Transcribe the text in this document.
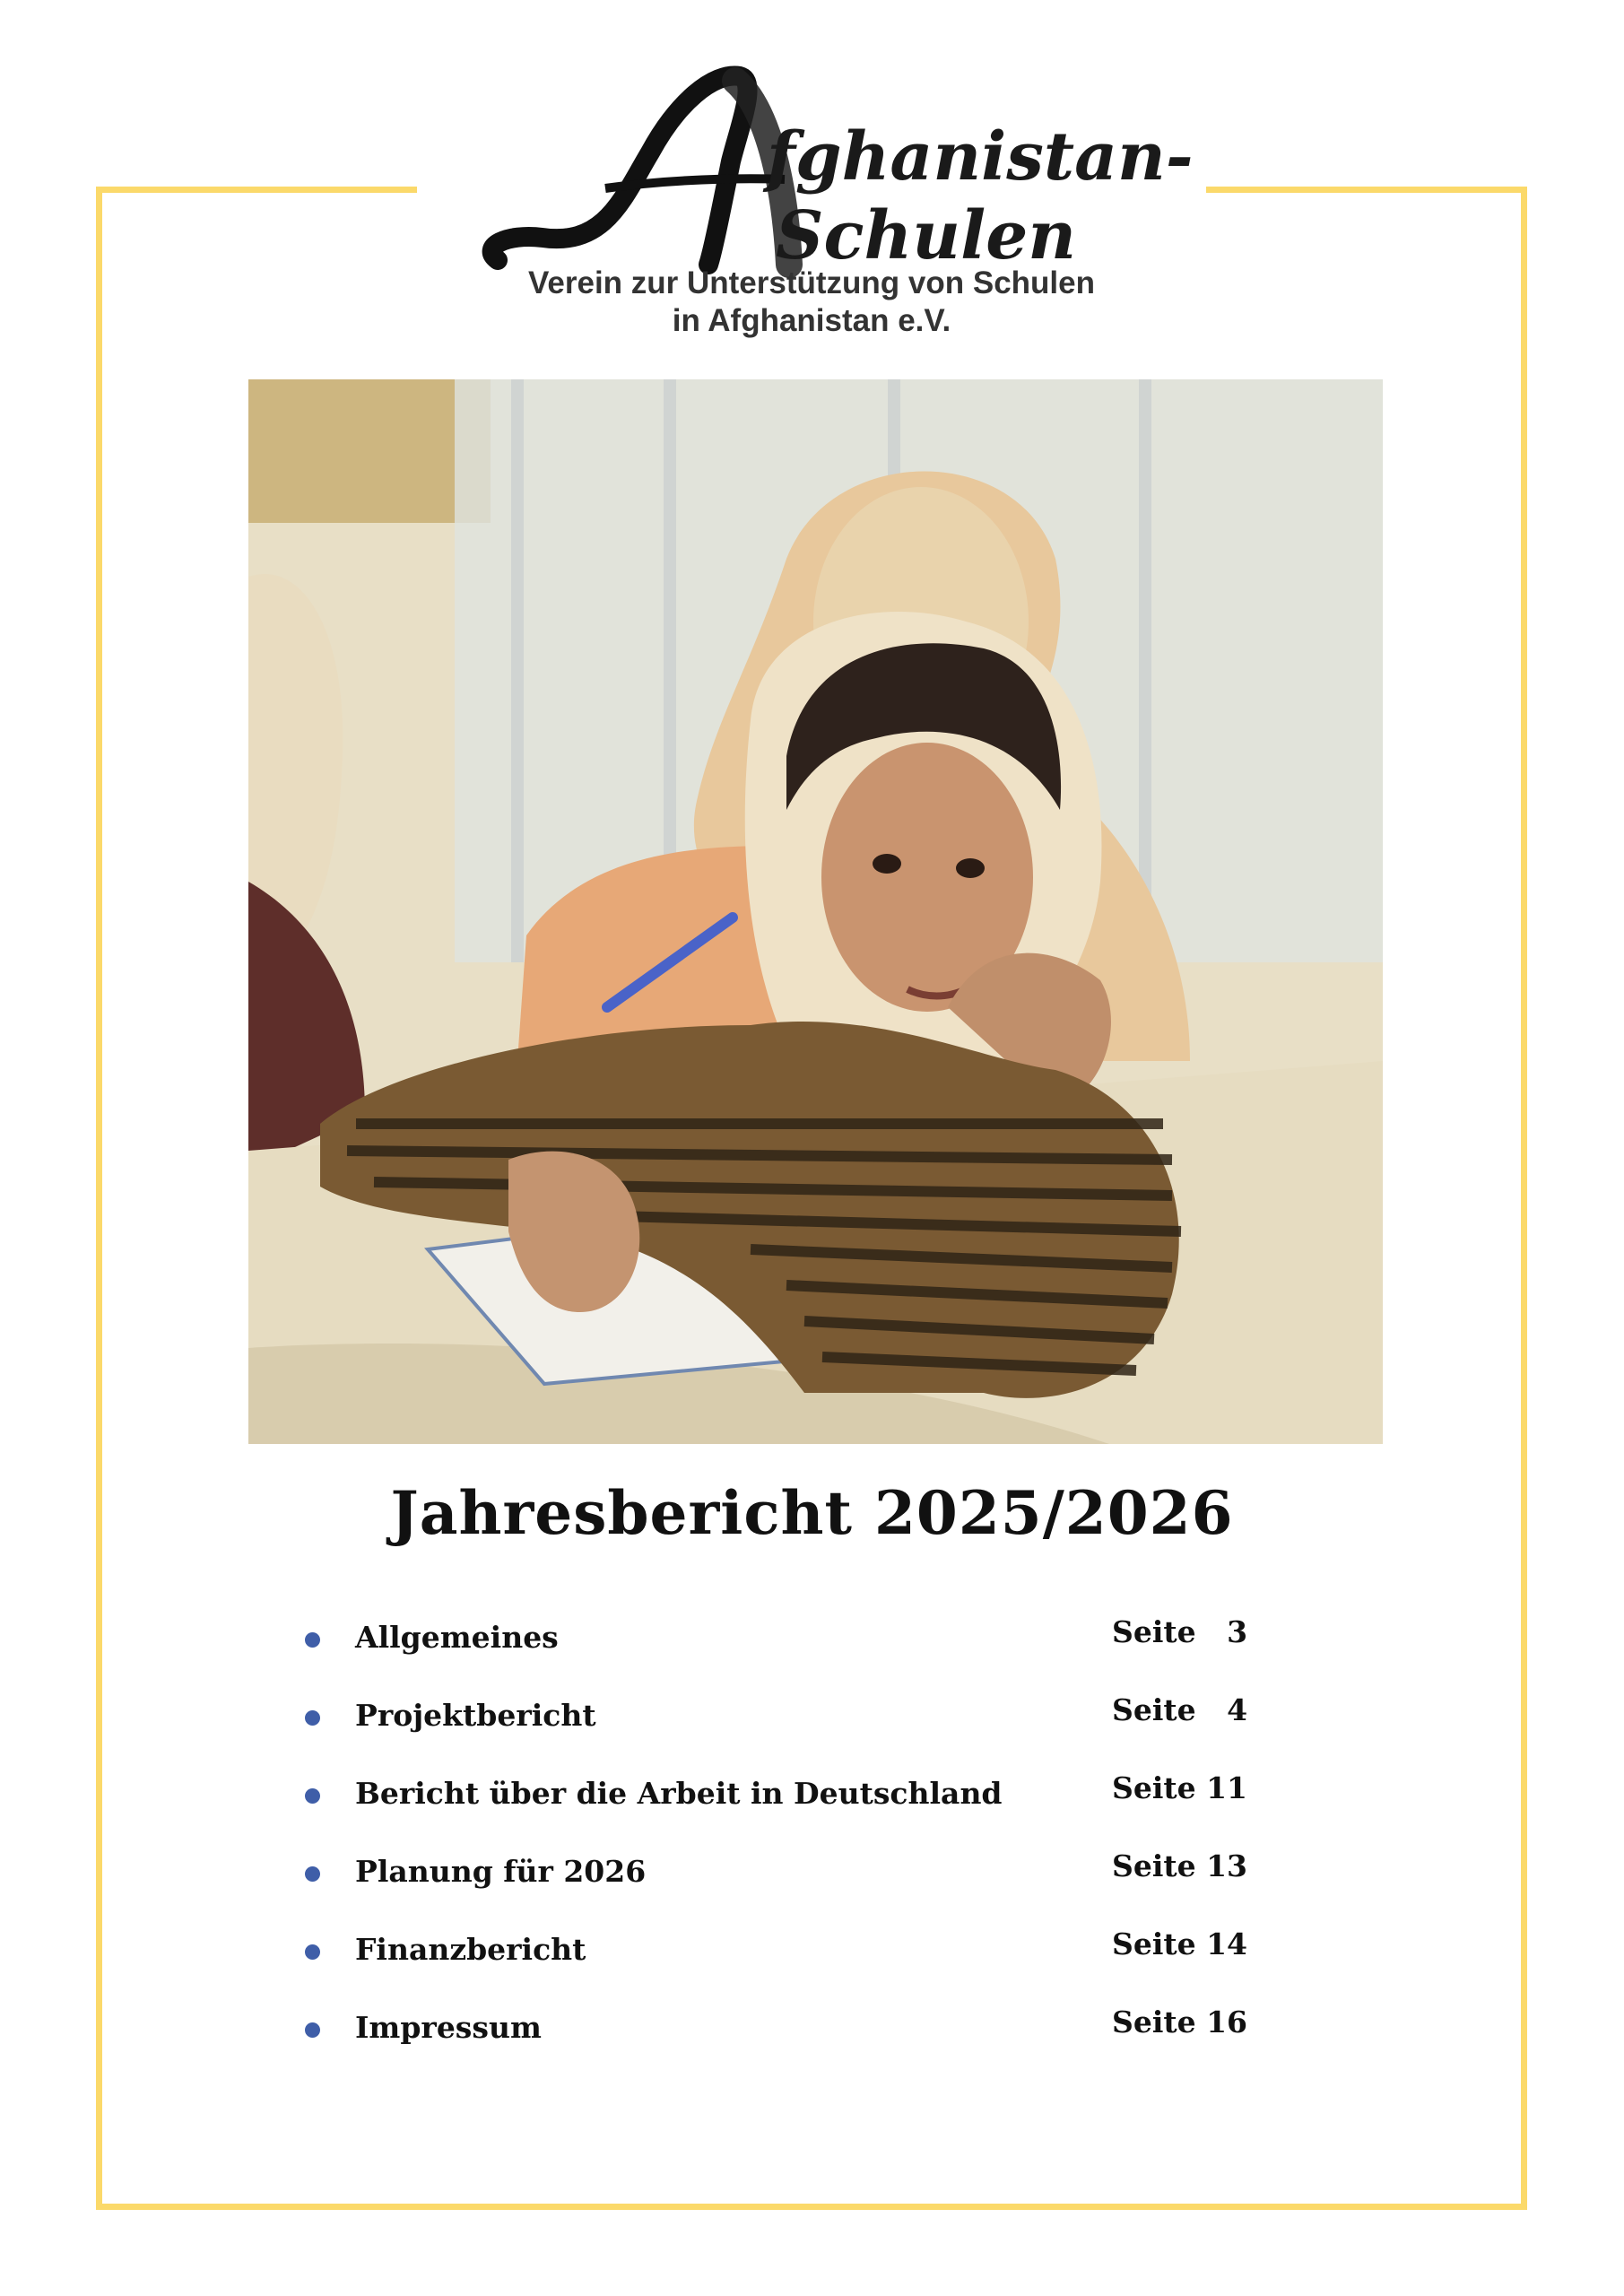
fghanistan-
Schulen
Verein zur Unterstützung von Schulen
in Afghanistan e.V.
Jahresbericht 2025/2026
Allgemeines	Seite   3
Projektbericht	Seite   4
Bericht über die Arbeit in Deutschland	Seite 11
Planung für 2026	Seite 13
Finanzbericht	Seite 14
Impressum	Seite 16
